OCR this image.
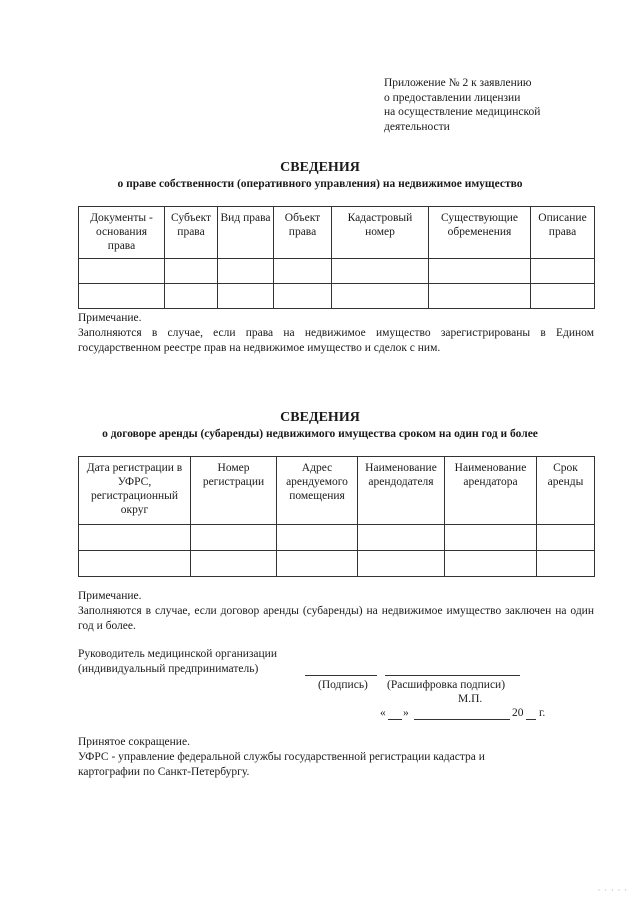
Приложение № 2 к заявлению
о предоставлении лицензии
на осуществление медицинской
деятельности
СВЕДЕНИЯ
о праве собственности (оперативного управления) на недвижимое имущество
Документы - основания права	Субъект права	Вид права	Объект права	Кадастровый номер	Существующие обременения	Описание права

Примечание.
Заполняются в случае, если права на недвижимое имущество зарегистрированы в Едином государственном реестре прав на недвижимое имущество и сделок с ним.
СВЕДЕНИЯ
о договоре аренды (субаренды) недвижимого имущества сроком на один год и более
Дата регистрации в УФРС, регистрационный округ	Номер регистрации	Адрес арендуемого помещения	Наименование арендодателя	Наименование арендатора	Срок аренды

Примечание.
Заполняются в случае, если договор аренды (субаренды) на недвижимое имущество заключен на один год и более.
Руководитель медицинской организации
(индивидуальный предприниматель)
(Подпись) (Расшифровка подписи)
М.П.
« »	20 г.
Принятое сокращение.
УФРС - управление федеральной службы государственной регистрации кадастра и
картографии по Санкт-Петербургу.
· · · · ·
